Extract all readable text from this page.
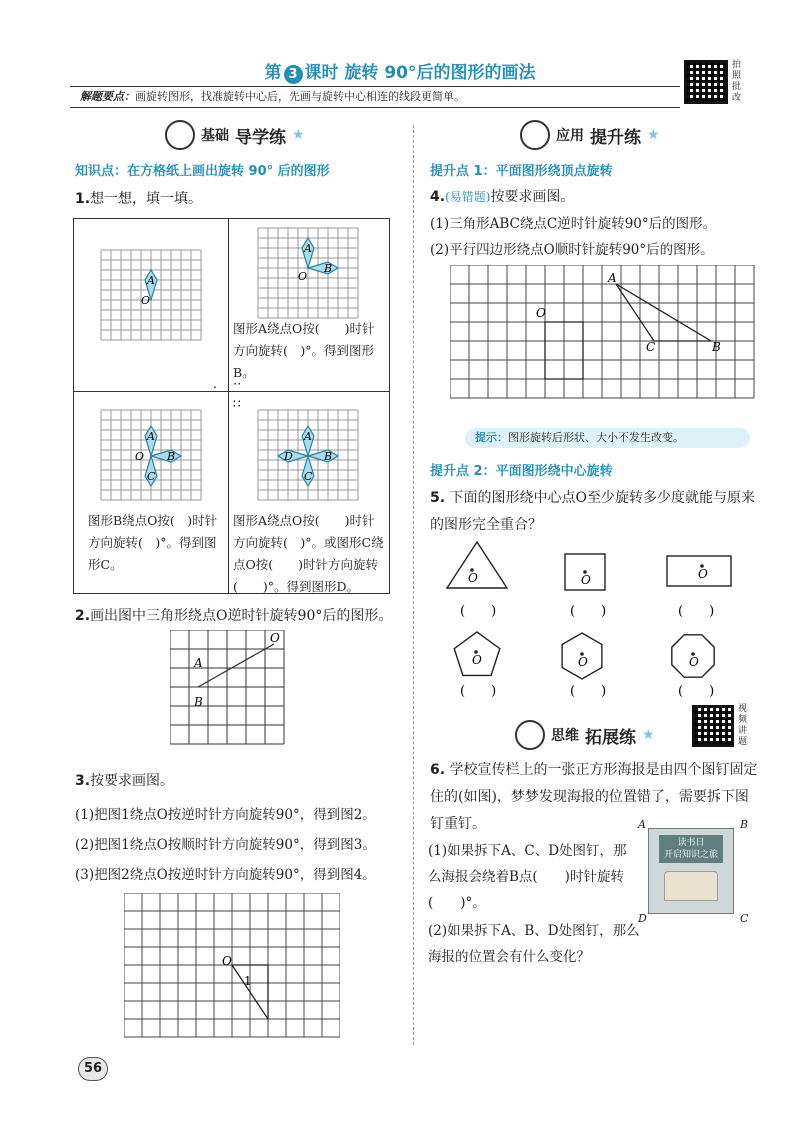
第 3 课时 旋转 90°后的图形的画法
解题要点：画旋转图形，找准旋转中心后，先画与旋转中心相连的线段更简单。
拍照批改
基础 导学练 ★
知识点：在方格纸上画出旋转 90° 后的图形
1.想一想，填一填。
A
O
A
B
O
. ⋅⋅
∷
A
B
C
O
A
B
C
D
图形A绕点O按(　　)时针方向旋转(　)°。得到图形B。
图形B绕点O按(　)时针方向旋转(　)°。得到图形C。
图形A绕点O按(　　)时针方向旋转(　)°。或图形C绕点O按(　　)时针方向旋转(　　)°。得到图形D。
2.画出图中三角形绕点O逆时针旋转90°后的图形。
A
B
O
3.按要求画图。
(1)把图1绕点O按逆时针方向旋转90°，得到图2。
(2)把图1绕点O按顺时针方向旋转90°，得到图3。
(3)把图2绕点O按逆时针方向旋转90°，得到图4。
O
1
56
应用 提升练 ★
提升点 1：平面图形绕顶点旋转
4.(易错题)按要求画图。
(1)三角形ABC绕点C逆时针旋转90°后的图形。
(2)平行四边形绕点O顺时针旋转90°后的图形。
A
B
C
O
提示：图形旋转后形状、大小不发生改变。
提升点 2：平面图形绕中心旋转
5. 下面的图形绕中心点O至少旋转多少度就能与原来的图形完全重合？
O	O	O
(　　)	(　　)	(　　)
O	O	O
(　　)	(　　)	(　　)
思维 拓展练 ★
视频讲题
6. 学校宣传栏上的一张正方形海报是由四个图钉固定住的(如图)，梦梦发现海报的位置错了，需要拆下图钉重钉。
(1)如果拆下A、C、D处图钉，那么海报会绕着B点(　　)时针旋转(　　)°。
(2)如果拆下A、B、D处图钉，那么海报的位置会有什么变化？
读书日
开启知识之旅
A	B
C
D
